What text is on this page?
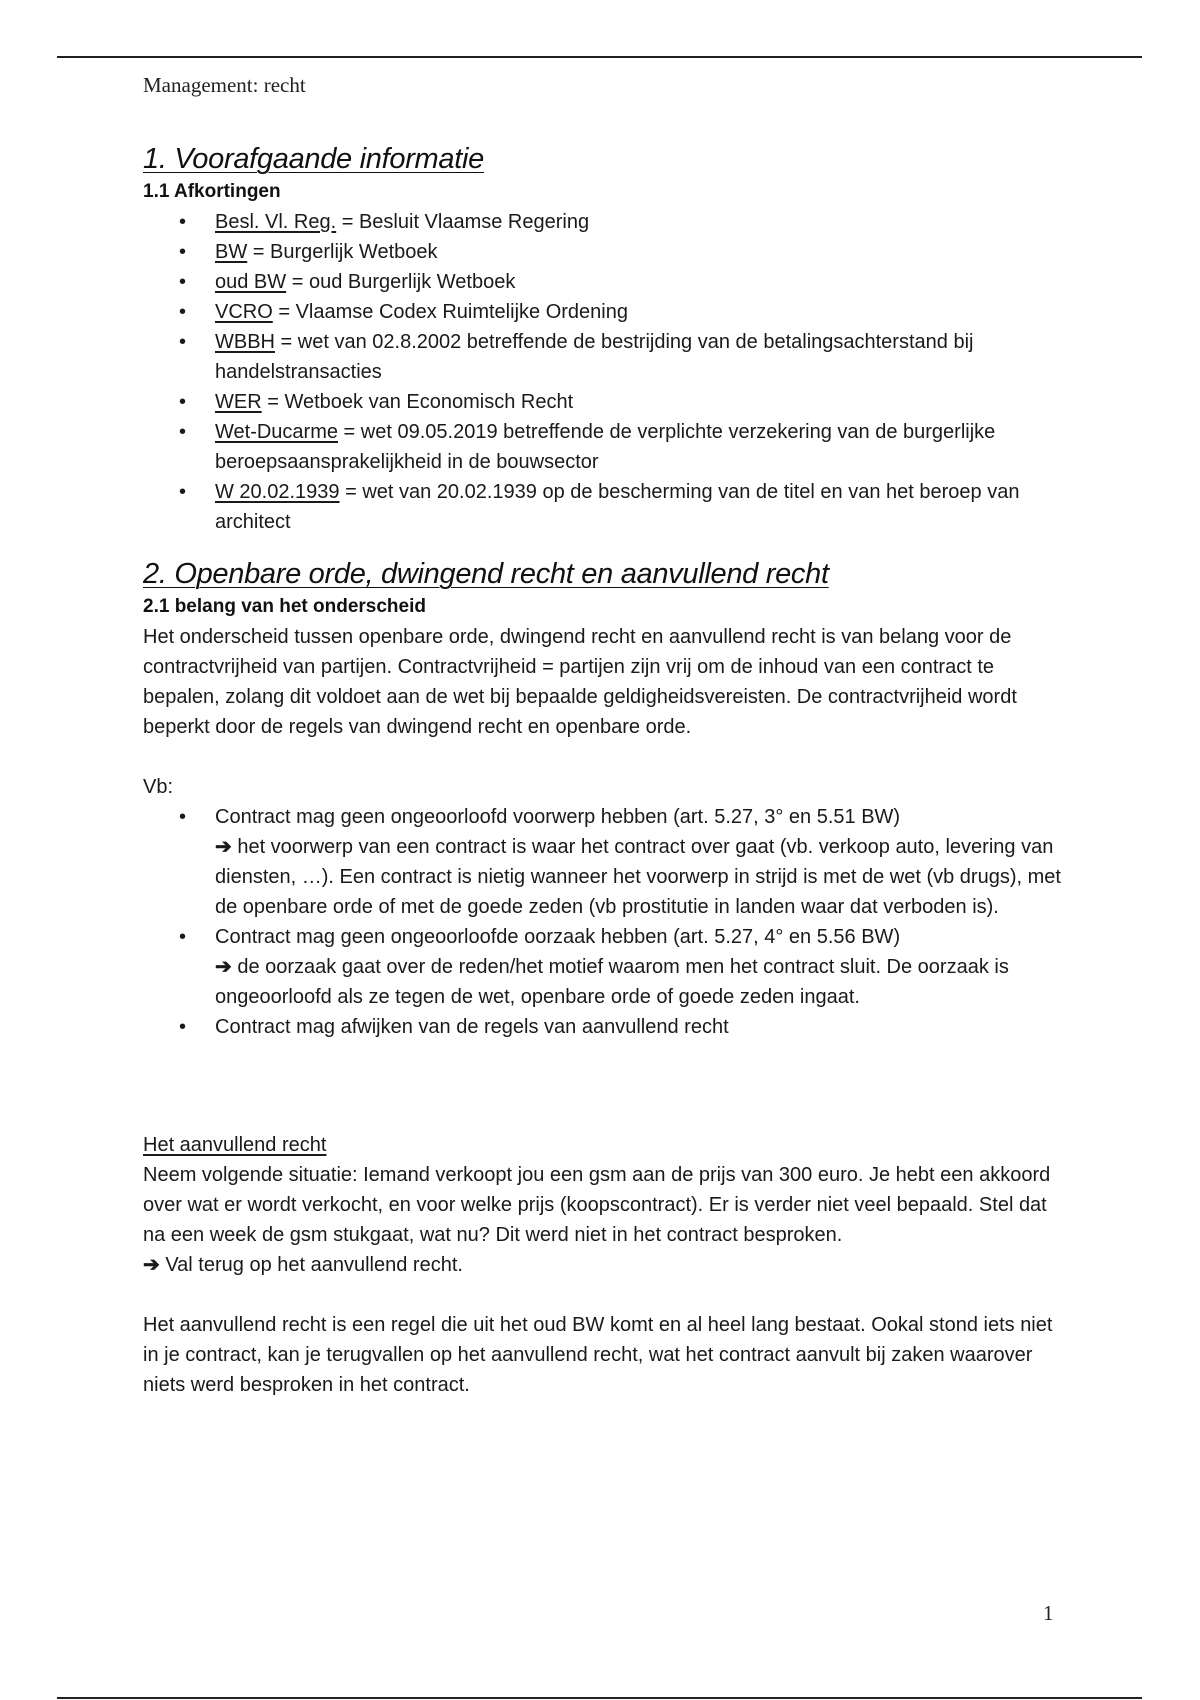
Management: recht
1. Voorafgaande informatie
1.1 Afkortingen
• Besl. Vl. Reg. = Besluit Vlaamse Regering
• BW = Burgerlijk Wetboek
• oud BW = oud Burgerlijk Wetboek
• VCRO = Vlaamse Codex Ruimtelijke Ordening
• WBBH = wet van 02.8.2002 betreffende de bestrijding van de betalingsachterstand bij handelstransacties
• WER = Wetboek van Economisch Recht
• Wet-Ducarme = wet 09.05.2019 betreffende de verplichte verzekering van de burgerlijke beroepsaansprakelijkheid in de bouwsector
• W 20.02.1939 = wet van 20.02.1939 op de bescherming van de titel en van het beroep van architect
2. Openbare orde, dwingend recht en aanvullend recht
2.1 belang van het onderscheid

Het onderscheid tussen openbare orde, dwingend recht en aanvullend recht is van belang voor de contractvrijheid van partijen. Contractvrijheid = partijen zijn vrij om de inhoud van een contract te bepalen, zolang dit voldoet aan de wet bij bepaalde geldigheidsvereisten. De contractvrijheid wordt beperkt door de regels van dwingend recht en openbare orde.

Vb:

• Contract mag geen ongeoorloofd voorwerp hebben (art. 5.27, 3° en 5.51 BW)
➔ het voorwerp van een contract is waar het contract over gaat (vb. verkoop auto, levering van diensten, …). Een contract is nietig wanneer het voorwerp in strijd is met de wet (vb drugs), met de openbare orde of met de goede zeden (vb prostitutie in landen waar dat verboden is).
• Contract mag geen ongeoorloofde oorzaak hebben (art. 5.27, 4° en 5.56 BW)
➔ de oorzaak gaat over de reden/het motief waarom men het contract sluit. De oorzaak is ongeoorloofd als ze tegen de wet, openbare orde of goede zeden ingaat.
• Contract mag afwijken van de regels van aanvullend recht

Het aanvullend recht

Neem volgende situatie: Iemand verkoopt jou een gsm aan de prijs van 300 euro. Je hebt een akkoord over wat er wordt verkocht, en voor welke prijs (koopscontract). Er is verder niet veel bepaald. Stel dat na een week de gsm stukgaat, wat nu? Dit werd niet in het contract besproken.

➔ Val terug op het aanvullend recht.

Het aanvullend recht is een regel die uit het oud BW komt en al heel lang bestaat. Ookal stond iets niet in je contract, kan je terugvallen op het aanvullend recht, wat het contract aanvult bij zaken waarover niets werd besproken in het contract.

1
